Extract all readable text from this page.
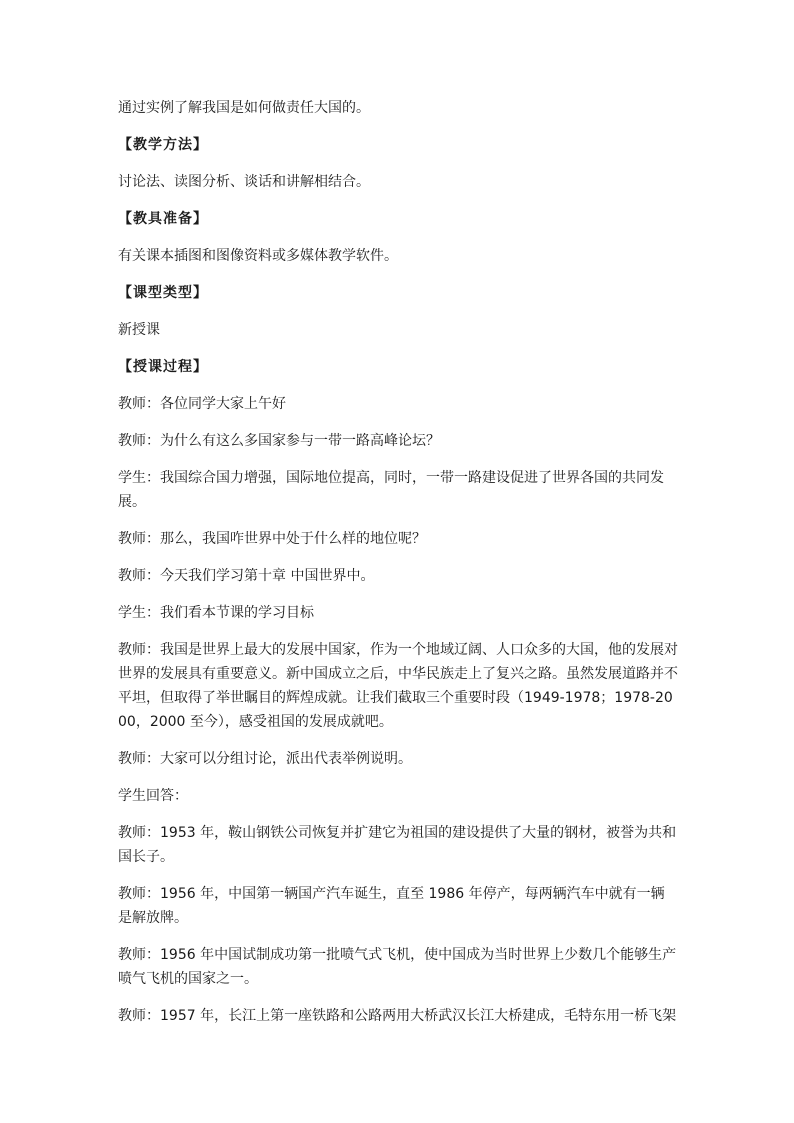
通过实例了解我国是如何做责任大国的。

【教学方法】

讨论法、读图分析、谈话和讲解相结合。

【教具准备】

有关课本插图和图像资料或多媒体教学软件。

【课型类型】

新授课

【授课过程】

教师：各位同学大家上午好

教师：为什么有这么多国家参与一带一路高峰论坛？

学生：我国综合国力增强，国际地位提高，同时，一带一路建设促进了世界各国的共同发展。

教师：那么，我国咋世界中处于什么样的地位呢？

教师：今天我们学习第十章 中国世界中。

学生：我们看本节课的学习目标

教师：我国是世界上最大的发展中国家，作为一个地域辽阔、人口众多的大国，他的发展对世界的发展具有重要意义。新中国成立之后，中华民族走上了复兴之路。虽然发展道路并不平坦，但取得了举世瞩目的辉煌成就。让我们截取三个重要时段（1949-1978；1978-2000，2000 至今），感受祖国的发展成就吧。

教师：大家可以分组讨论，派出代表举例说明。

学生回答：

教师：1953 年，鞍山钢铁公司恢复并扩建它为祖国的建设提供了大量的钢材，被誉为共和国长子。

教师：1956 年，中国第一辆国产汽车诞生，直至 1986 年停产，每两辆汽车中就有一辆是解放牌。

教师：1956 年中国试制成功第一批喷气式飞机，使中国成为当时世界上少数几个能够生产喷气飞机的国家之一。

教师：1957 年，长江上第一座铁路和公路两用大桥武汉长江大桥建成，毛特东用一桥飞架
